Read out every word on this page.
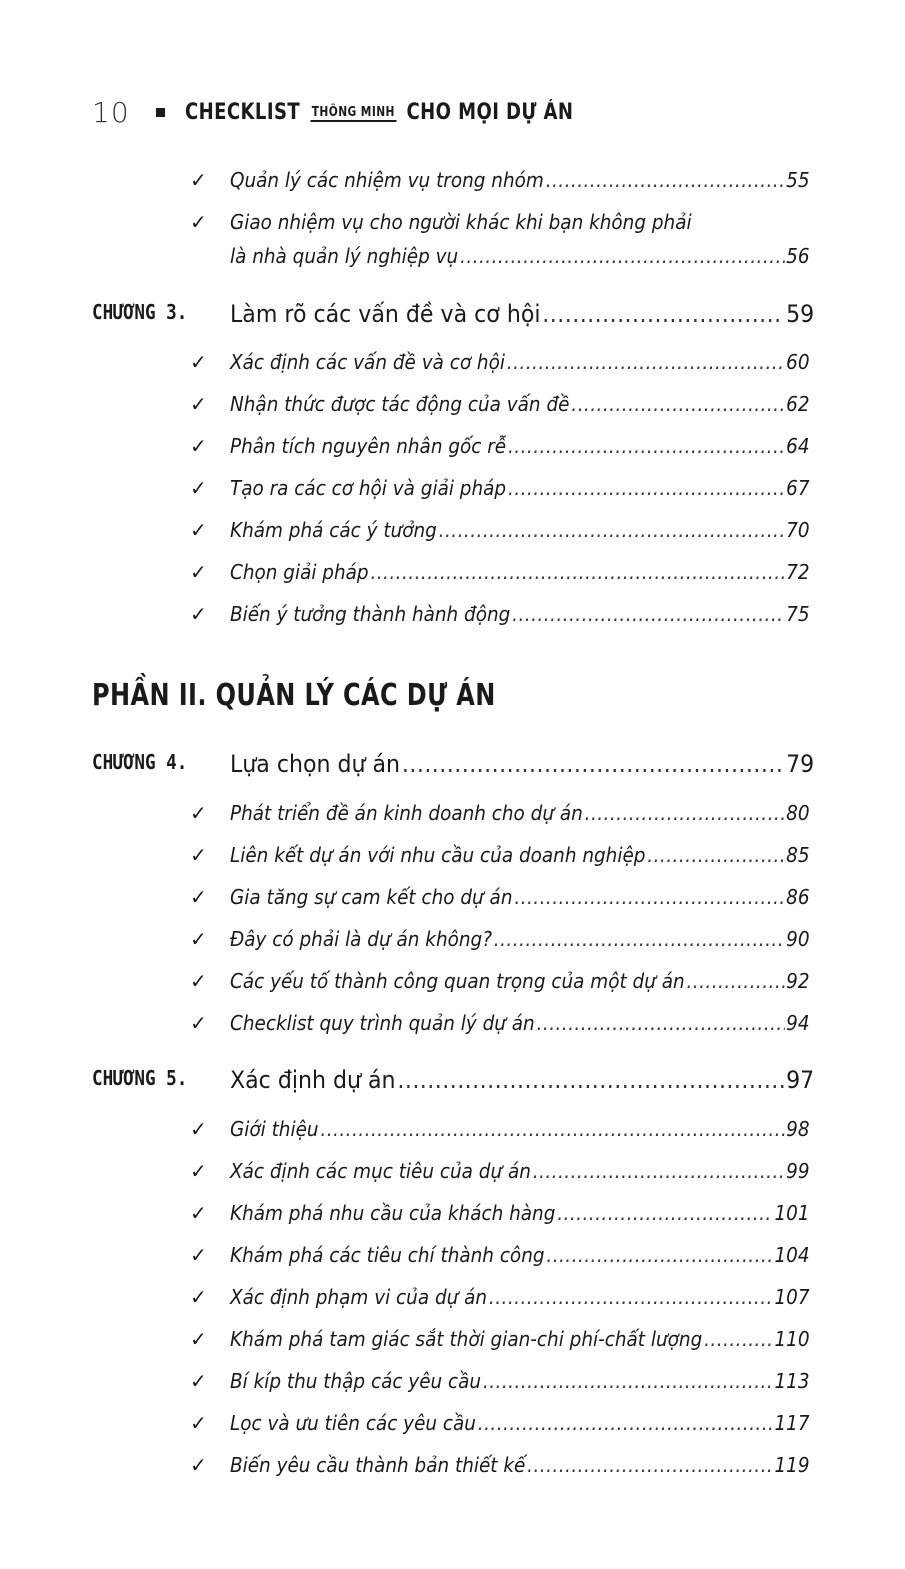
10	CHECKLIST THÔNG MINH CHO MỌI DỰ ÁN
✓ Quản lý các nhiệm vụ trong nhóm .....	55
✓ Giao nhiệm vụ cho người khác khi bạn không phải
là nhà quản lý nghiệp vụ .....	56
CHƯƠNG 3. Làm rõ các vấn đề và cơ hội .....	59
✓ Xác định các vấn đề và cơ hội .....	60
✓ Nhận thức được tác động của vấn đề .....	62
✓ Phân tích nguyên nhân gốc rễ .....	64
✓ Tạo ra các cơ hội và giải pháp .....	67
✓ Khám phá các ý tưởng .....	70
✓ Chọn giải pháp .....	72
✓ Biến ý tưởng thành hành động .....	75
PHẦN II. QUẢN LÝ CÁC DỰ ÁN
CHƯƠNG 4. Lựa chọn dự án .....	79
✓ Phát triển đề án kinh doanh cho dự án .....	80
✓ Liên kết dự án với nhu cầu của doanh nghiệp .....	85
✓ Gia tăng sự cam kết cho dự án .....	86
✓ Đây có phải là dự án không? .....	90
✓ Các yếu tố thành công quan trọng của một dự án .....	92
✓ Checklist quy trình quản lý dự án .....	94
CHƯƠNG 5. Xác định dự án .....	97
✓ Giới thiệu .....	98
✓ Xác định các mục tiêu của dự án .....	99
✓ Khám phá nhu cầu của khách hàng .....	101
✓ Khám phá các tiêu chí thành công .....	104
✓ Xác định phạm vi của dự án .....	107
✓ Khám phá tam giác sắt thời gian-chi phí-chất lượng .....	110
✓ Bí kíp thu thập các yêu cầu .....	113
✓ Lọc và ưu tiên các yêu cầu .....	117
✓ Biến yêu cầu thành bản thiết kế .....	119
